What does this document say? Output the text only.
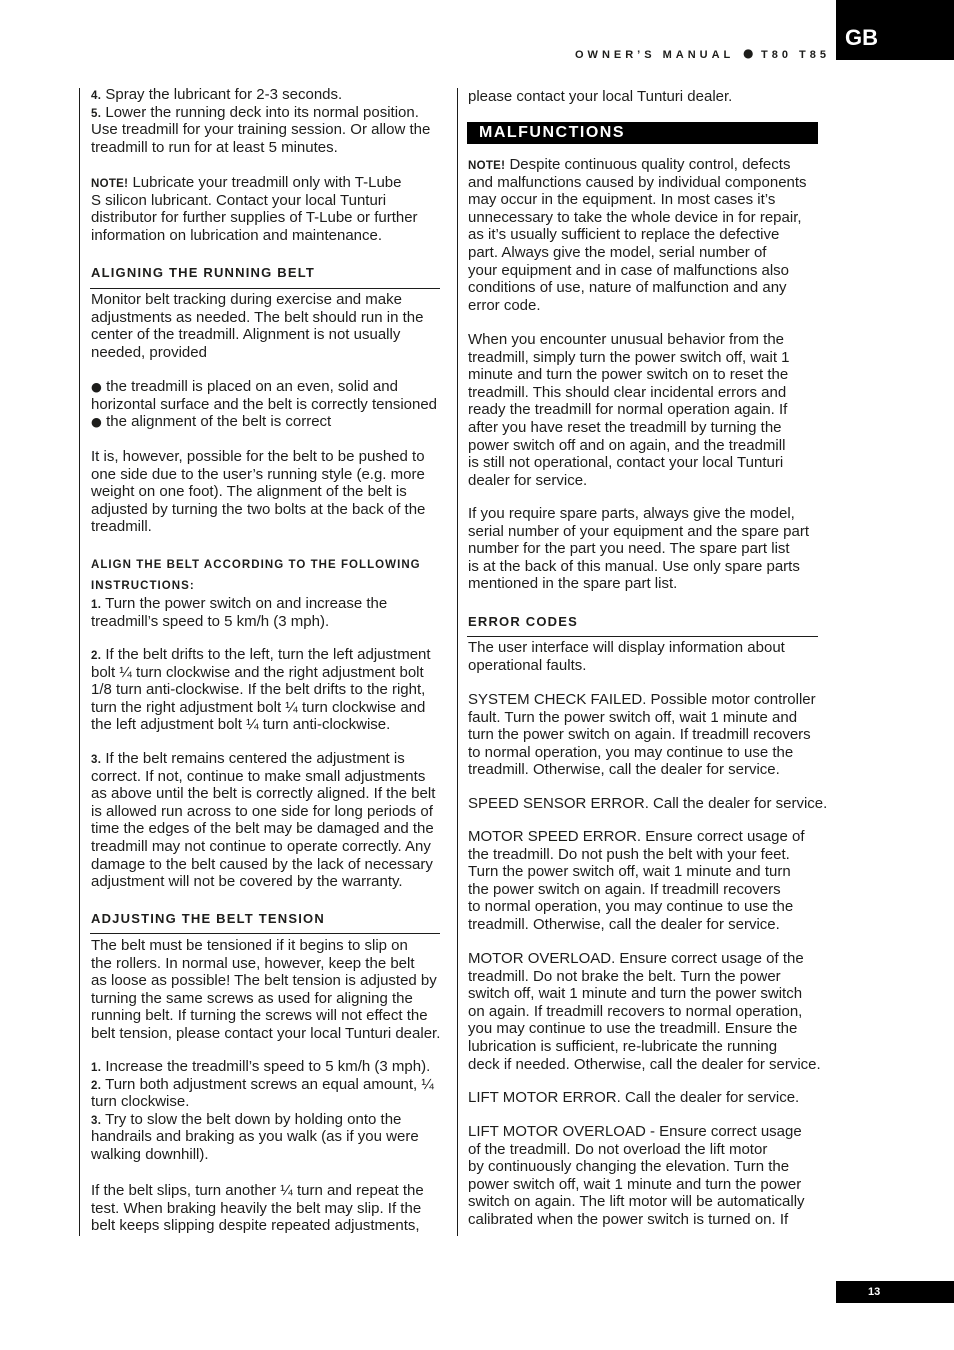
OWNER’S MANUAL ● T80 T85
GB
4. Spray the lubricant for 2-3 seconds.
5. Lower the running deck into its normal position.
Use treadmill for your training session. Or allow the
treadmill to run for at least 5 minutes.
NOTE! Lubricate your treadmill only with T-Lube
S silicon lubricant. Contact your local Tunturi
distributor for further supplies of T-Lube or further
information on lubrication and maintenance.
ALIGNING THE RUNNING BELT
Monitor belt tracking during exercise and make
adjustments as needed. The belt should run in the
center of the treadmill. Alignment is not usually
needed, provided
● the treadmill is placed on an even, solid and
horizontal surface and the belt is correctly tensioned
● the alignment of the belt is correct
It is, however, possible for the belt to be pushed to
one side due to the user’s running style (e.g. more
weight on one foot). The alignment of the belt is
adjusted by turning the two bolts at the back of the
treadmill.
ALIGN THE BELT ACCORDING TO THE FOLLOWING
INSTRUCTIONS:
1. Turn the power switch on and increase the
treadmill’s speed to 5 km/h (3 mph).
2. If the belt drifts to the left, turn the left adjustment
bolt ¼ turn clockwise and the right adjustment bolt
1/8 turn anti-clockwise. If the belt drifts to the right,
turn the right adjustment bolt ¼ turn clockwise and
the left adjustment bolt ¼ turn anti-clockwise.
3. If the belt remains centered the adjustment is
correct. If not, continue to make small adjustments
as above until the belt is correctly aligned. If the belt
is allowed run across to one side for long periods of
time the edges of the belt may be damaged and the
treadmill may not continue to operate correctly. Any
damage to the belt caused by the lack of necessary
adjustment will not be covered by the warranty.
ADJUSTING THE BELT TENSION
The belt must be tensioned if it begins to slip on
the rollers. In normal use, however, keep the belt
as loose as possible! The belt tension is adjusted by
turning the same screws as used for aligning the
running belt. If turning the screws will not effect the
belt tension, please contact your local Tunturi dealer.
1. Increase the treadmill’s speed to 5 km/h (3 mph).
2. Turn both adjustment screws an equal amount, ¼
turn clockwise.
3. Try to slow the belt down by holding onto the
handrails and braking as you walk (as if you were
walking downhill).
If the belt slips, turn another ¼ turn and repeat the
test. When braking heavily the belt may slip. If the
belt keeps slipping despite repeated adjustments,
MALFUNCTIONS
please contact your local Tunturi dealer.
NOTE! Despite continuous quality control, defects
and malfunctions caused by individual components
may occur in the equipment. In most cases it’s
unnecessary to take the whole device in for repair,
as it’s usually sufficient to replace the defective
part. Always give the model, serial number of
your equipment and in case of malfunctions also
conditions of use, nature of malfunction and any
error code.
When you encounter unusual behavior from the
treadmill, simply turn the power switch off, wait 1
minute and turn the power switch on to reset the
treadmill. This should clear incidental errors and
ready the treadmill for normal operation again. If
after you have reset the treadmill by turning the
power switch off and on again, and the treadmill
is still not operational, contact your local Tunturi
dealer for service.
If you require spare parts, always give the model,
serial number of your equipment and the spare part
number for the part you need. The spare part list
is at the back of this manual. Use only spare parts
mentioned in the spare part list.
ERROR CODES
The user interface will display information about
operational faults.
SYSTEM CHECK FAILED. Possible motor controller
fault. Turn the power switch off, wait 1 minute and
turn the power switch on again. If treadmill recovers
to normal operation, you may continue to use the
treadmill. Otherwise, call the dealer for service.
SPEED SENSOR ERROR. Call the dealer for service.
MOTOR SPEED ERROR. Ensure correct usage of
the treadmill. Do not push the belt with your feet.
Turn the power switch off, wait 1 minute and turn
the power switch on again. If treadmill recovers
to normal operation, you may continue to use the
treadmill. Otherwise, call the dealer for service.
MOTOR OVERLOAD. Ensure correct usage of the
treadmill. Do not brake the belt. Turn the power
switch off, wait 1 minute and turn the power switch
on again. If treadmill recovers to normal operation,
you may continue to use the treadmill. Ensure the
lubrication is sufficient, re-lubricate the running
deck if needed. Otherwise, call the dealer for service.
LIFT MOTOR ERROR. Call the dealer for service.
LIFT MOTOR OVERLOAD - Ensure correct usage
of the treadmill. Do not overload the lift motor
by continuously changing the elevation. Turn the
power switch off, wait 1 minute and turn the power
switch on again. The lift motor will be automatically
calibrated when the power switch is turned on. If
13
